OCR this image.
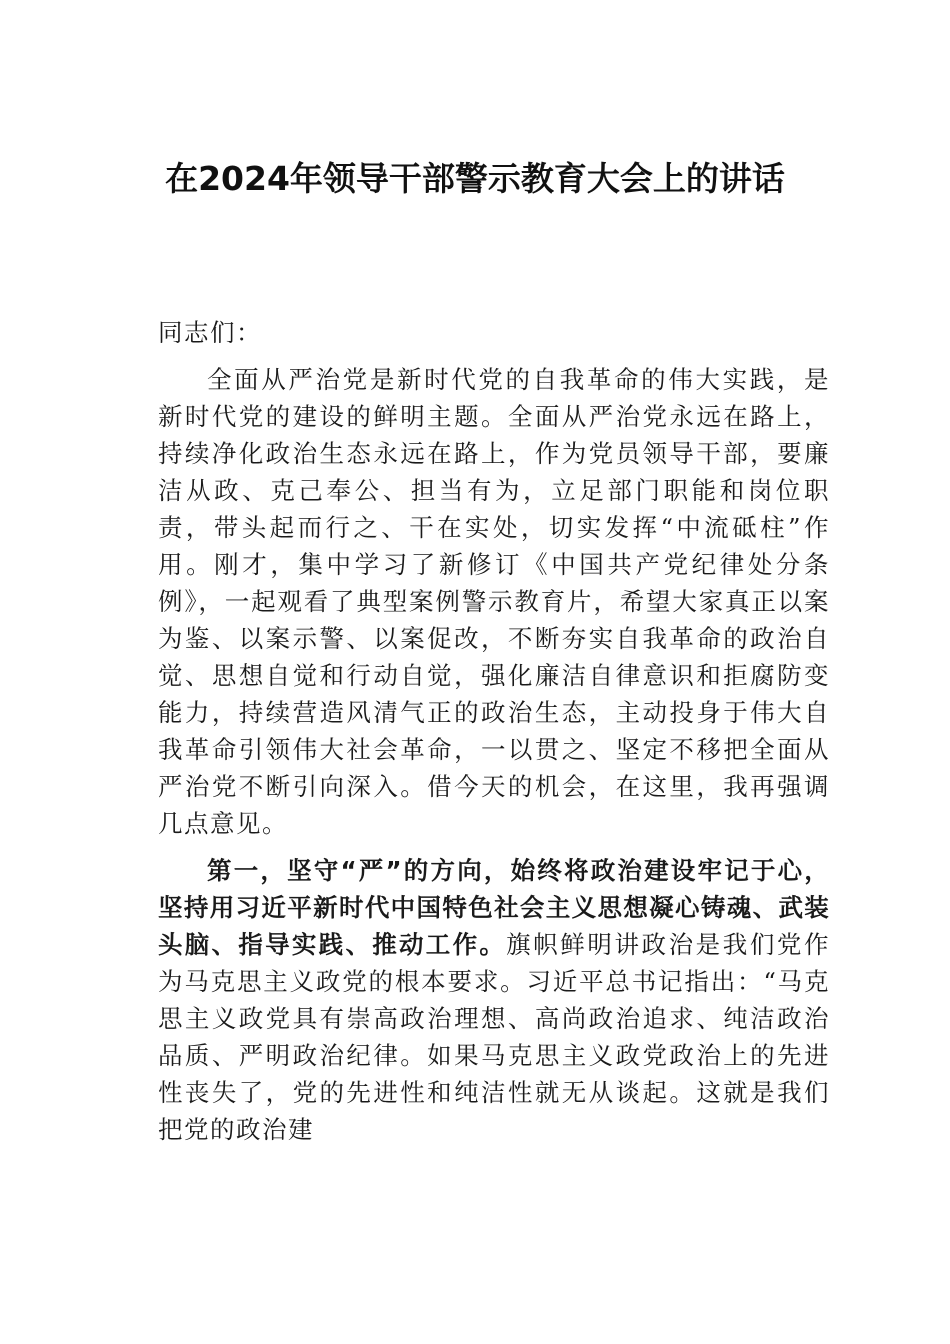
在2024年领导干部警示教育大会上的讲话

同志们：

全面从严治党是新时代党的自我革命的伟大实践，是新时代党的建设的鲜明主题。全面从严治党永远在路上，持续净化政治生态永远在路上，作为党员领导干部，要廉洁从政、克己奉公、担当有为，立足部门职能和岗位职责，带头起而行之、干在实处，切实发挥“中流砥柱”作用。刚才，集中学习了新修订《中国共产党纪律处分条例》，一起观看了典型案例警示教育片，希望大家真正以案为鉴、以案示警、以案促改，不断夯实自我革命的政治自觉、思想自觉和行动自觉，强化廉洁自律意识和拒腐防变能力，持续营造风清气正的政治生态，主动投身于伟大自我革命引领伟大社会革命，一以贯之、坚定不移把全面从严治党不断引向深入。借今天的机会，在这里，我再强调几点意见。

第一，坚守“严”的方向，始终将政治建设牢记于心，坚持用习近平新时代中国特色社会主义思想凝心铸魂、武装头脑、指导实践、推动工作。旗帜鲜明讲政治是我们党作为马克思主义政党的根本要求。习近平总书记指出：“马克思主义政党具有崇高政治理想、高尚政治追求、纯洁政治品质、严明政治纪律。如果马克思主义政党政治上的先进性丧失了，党的先进性和纯洁性就无从谈起。这就是我们把党的政治建
